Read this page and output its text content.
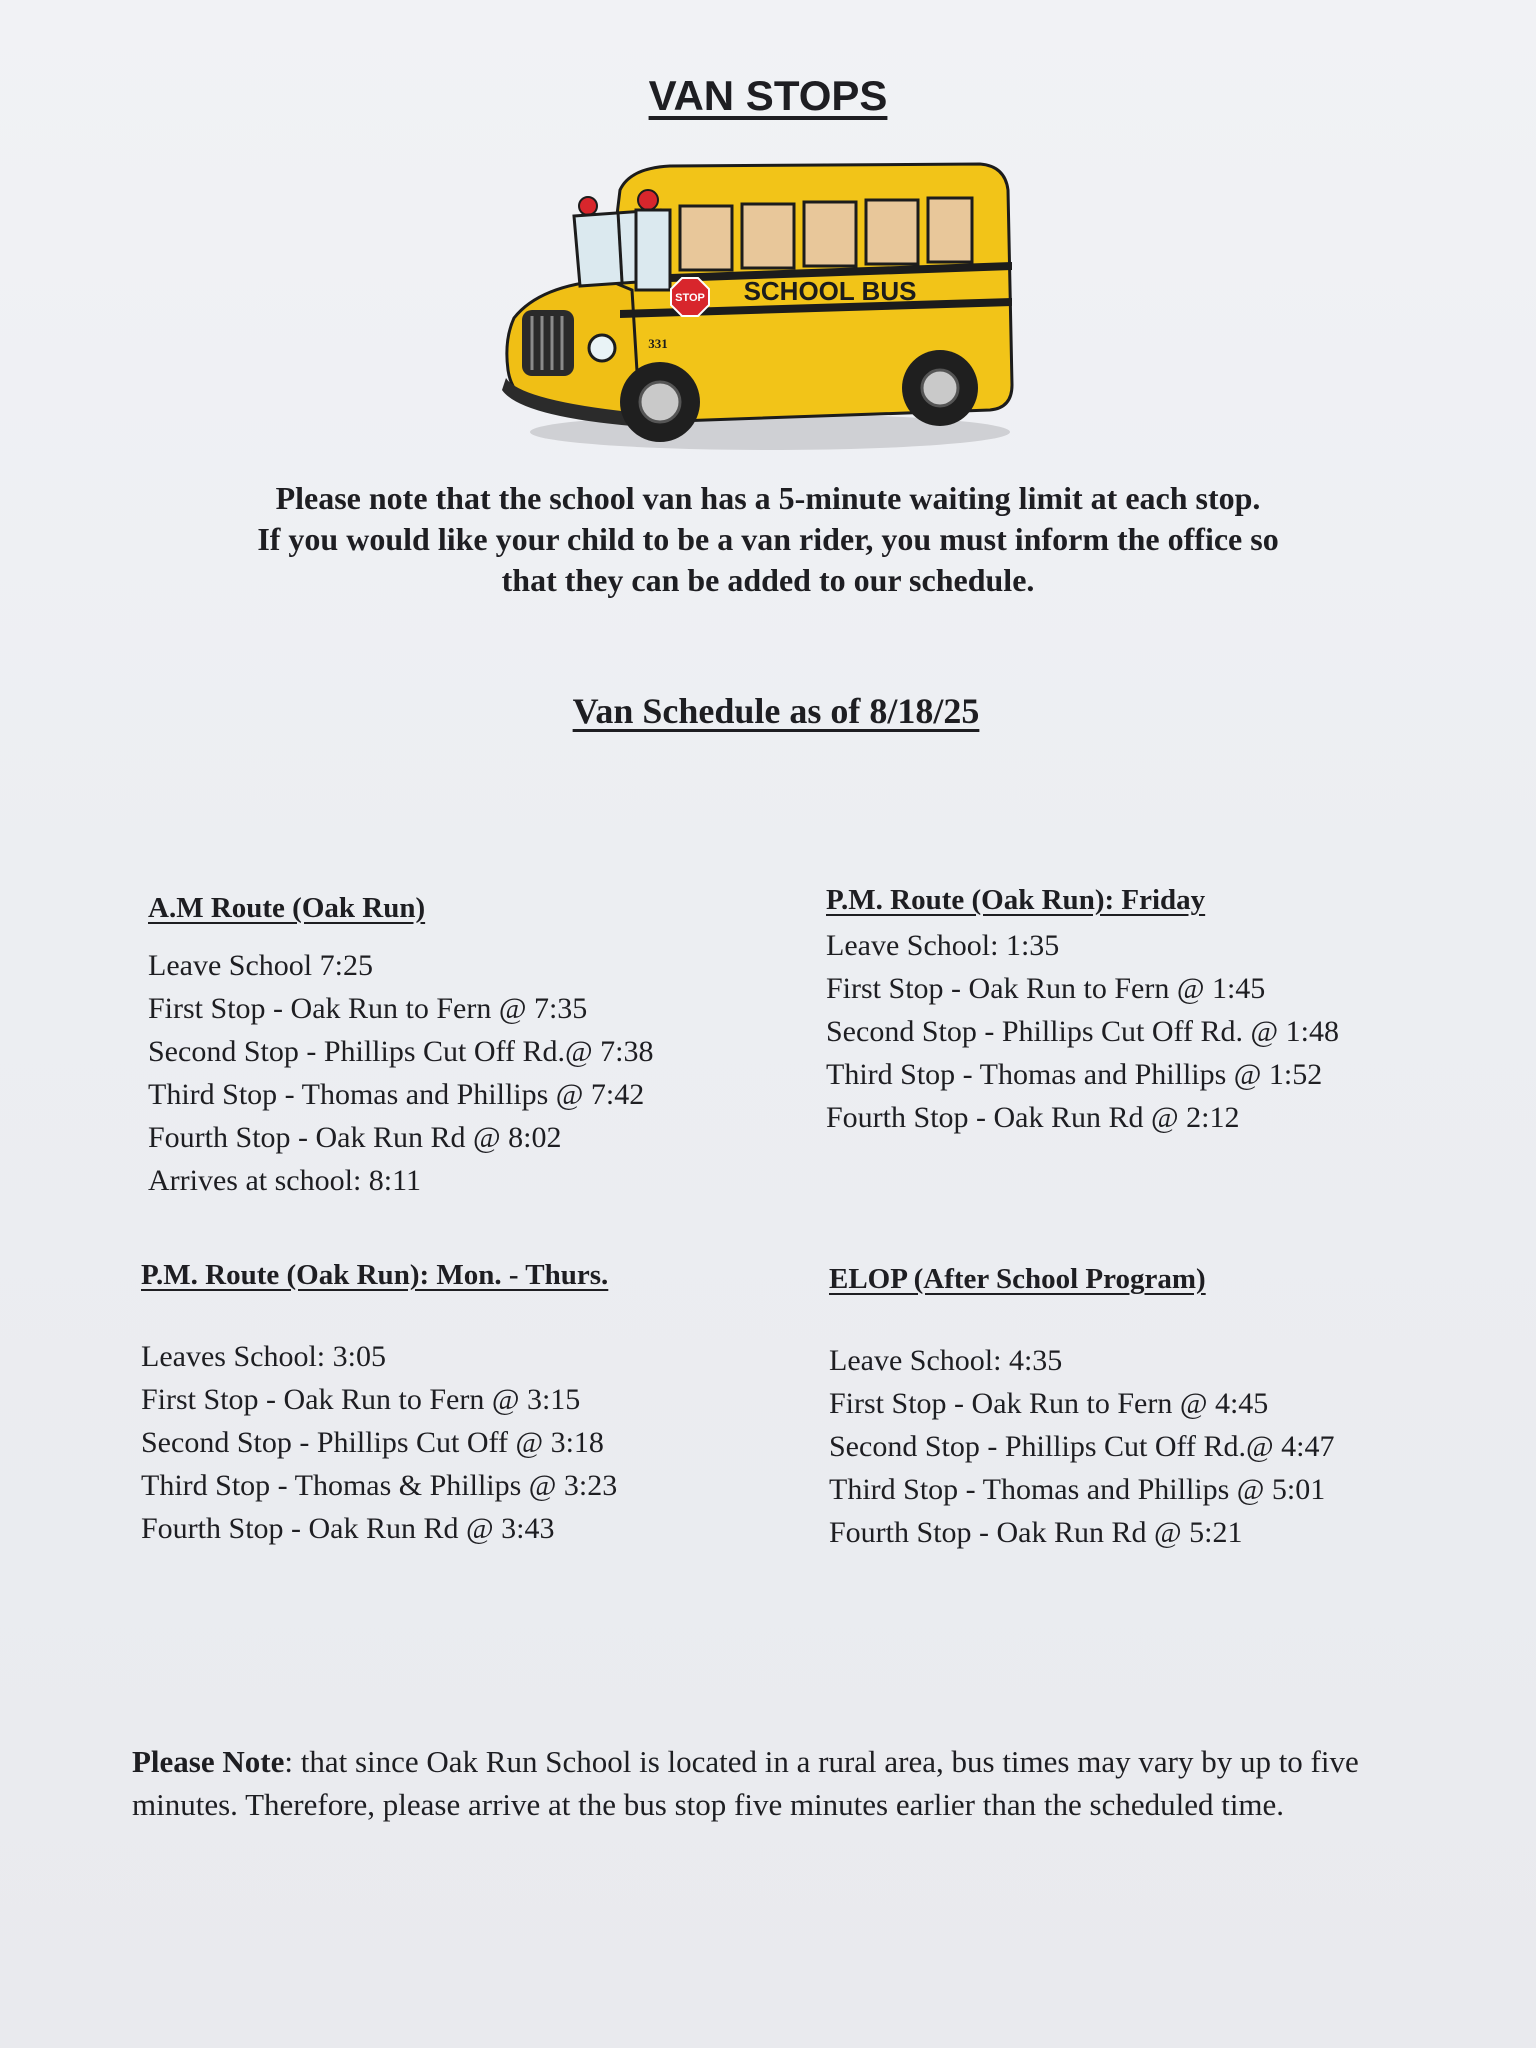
VAN STOPS
STOP SCHOOL BUS
331
Please note that the school van has a 5-minute waiting limit at each stop.
If you would like your child to be a van rider, you must inform the office so
that they can be added to our schedule.
Van Schedule as of 8/18/25
A.M Route (Oak Run)
Leave School 7:25
First Stop - Oak Run to Fern @ 7:35
Second Stop - Phillips Cut Off Rd.@ 7:38
Third Stop - Thomas and Phillips @ 7:42
Fourth Stop - Oak Run Rd @ 8:02
Arrives at school: 8:11
P.M. Route (Oak Run): Friday
Leave School: 1:35
First Stop - Oak Run to Fern @ 1:45
Second Stop - Phillips Cut Off Rd. @ 1:48
Third Stop - Thomas and Phillips @ 1:52
Fourth Stop - Oak Run Rd @ 2:12
P.M. Route (Oak Run): Mon. - Thurs.
Leaves School: 3:05
First Stop - Oak Run to Fern @ 3:15
Second Stop - Phillips Cut Off @ 3:18
Third Stop - Thomas & Phillips @ 3:23
Fourth Stop - Oak Run Rd @ 3:43
ELOP (After School Program)
Leave School: 4:35
First Stop - Oak Run to Fern @ 4:45
Second Stop - Phillips Cut Off Rd.@ 4:47
Third Stop - Thomas and Phillips @ 5:01
Fourth Stop - Oak Run Rd @ 5:21
Please Note: that since Oak Run School is located in a rural area, bus times may vary by up to five minutes. Therefore, please arrive at the bus stop five minutes earlier than the scheduled time.
